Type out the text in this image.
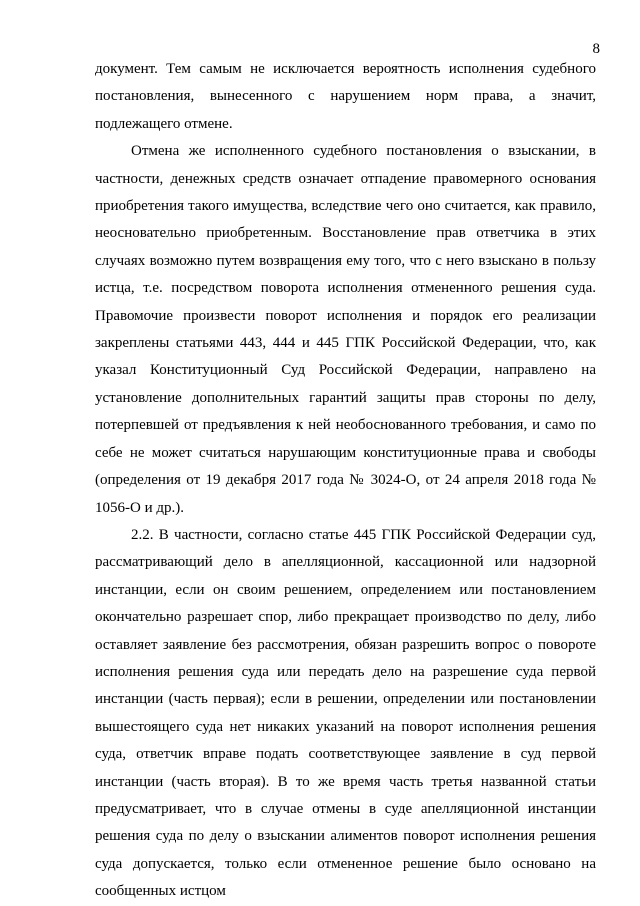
8

документ. Тем самым не исключается вероятность исполнения судебного постановления, вынесенного с нарушением норм права, а значит, подлежащего отмене.

Отмена же исполненного судебного постановления о взыскании, в частности, денежных средств означает отпадение правомерного основания приобретения такого имущества, вследствие чего оно считается, как правило, неосновательно приобретенным. Восстановление прав ответчика в этих случаях возможно путем возвращения ему того, что с него взыскано в пользу истца, т.е. посредством поворота исполнения отмененного решения суда. Правомочие произвести поворот исполнения и порядок его реализации закреплены статьями 443, 444 и 445 ГПК Российской Федерации, что, как указал Конституционный Суд Российской Федерации, направлено на установление дополнительных гарантий защиты прав стороны по делу, потерпевшей от предъявления к ней необоснованного требования, и само по себе не может считаться нарушающим конституционные права и свободы (определения от 19 декабря 2017 года № 3024-О, от 24 апреля 2018 года № 1056-О и др.).

2.2. В частности, согласно статье 445 ГПК Российской Федерации суд, рассматривающий дело в апелляционной, кассационной или надзорной инстанции, если он своим решением, определением или постановлением окончательно разрешает спор, либо прекращает производство по делу, либо оставляет заявление без рассмотрения, обязан разрешить вопрос о повороте исполнения решения суда или передать дело на разрешение суда первой инстанции (часть первая); если в решении, определении или постановлении вышестоящего суда нет никаких указаний на поворот исполнения решения суда, ответчик вправе подать соответствующее заявление в суд первой инстанции (часть вторая). В то же время часть третья названной статьи предусматривает, что в случае отмены в суде апелляционной инстанции решения суда по делу о взыскании алиментов поворот исполнения решения суда допускается, только если отмененное решение было основано на сообщенных истцом
